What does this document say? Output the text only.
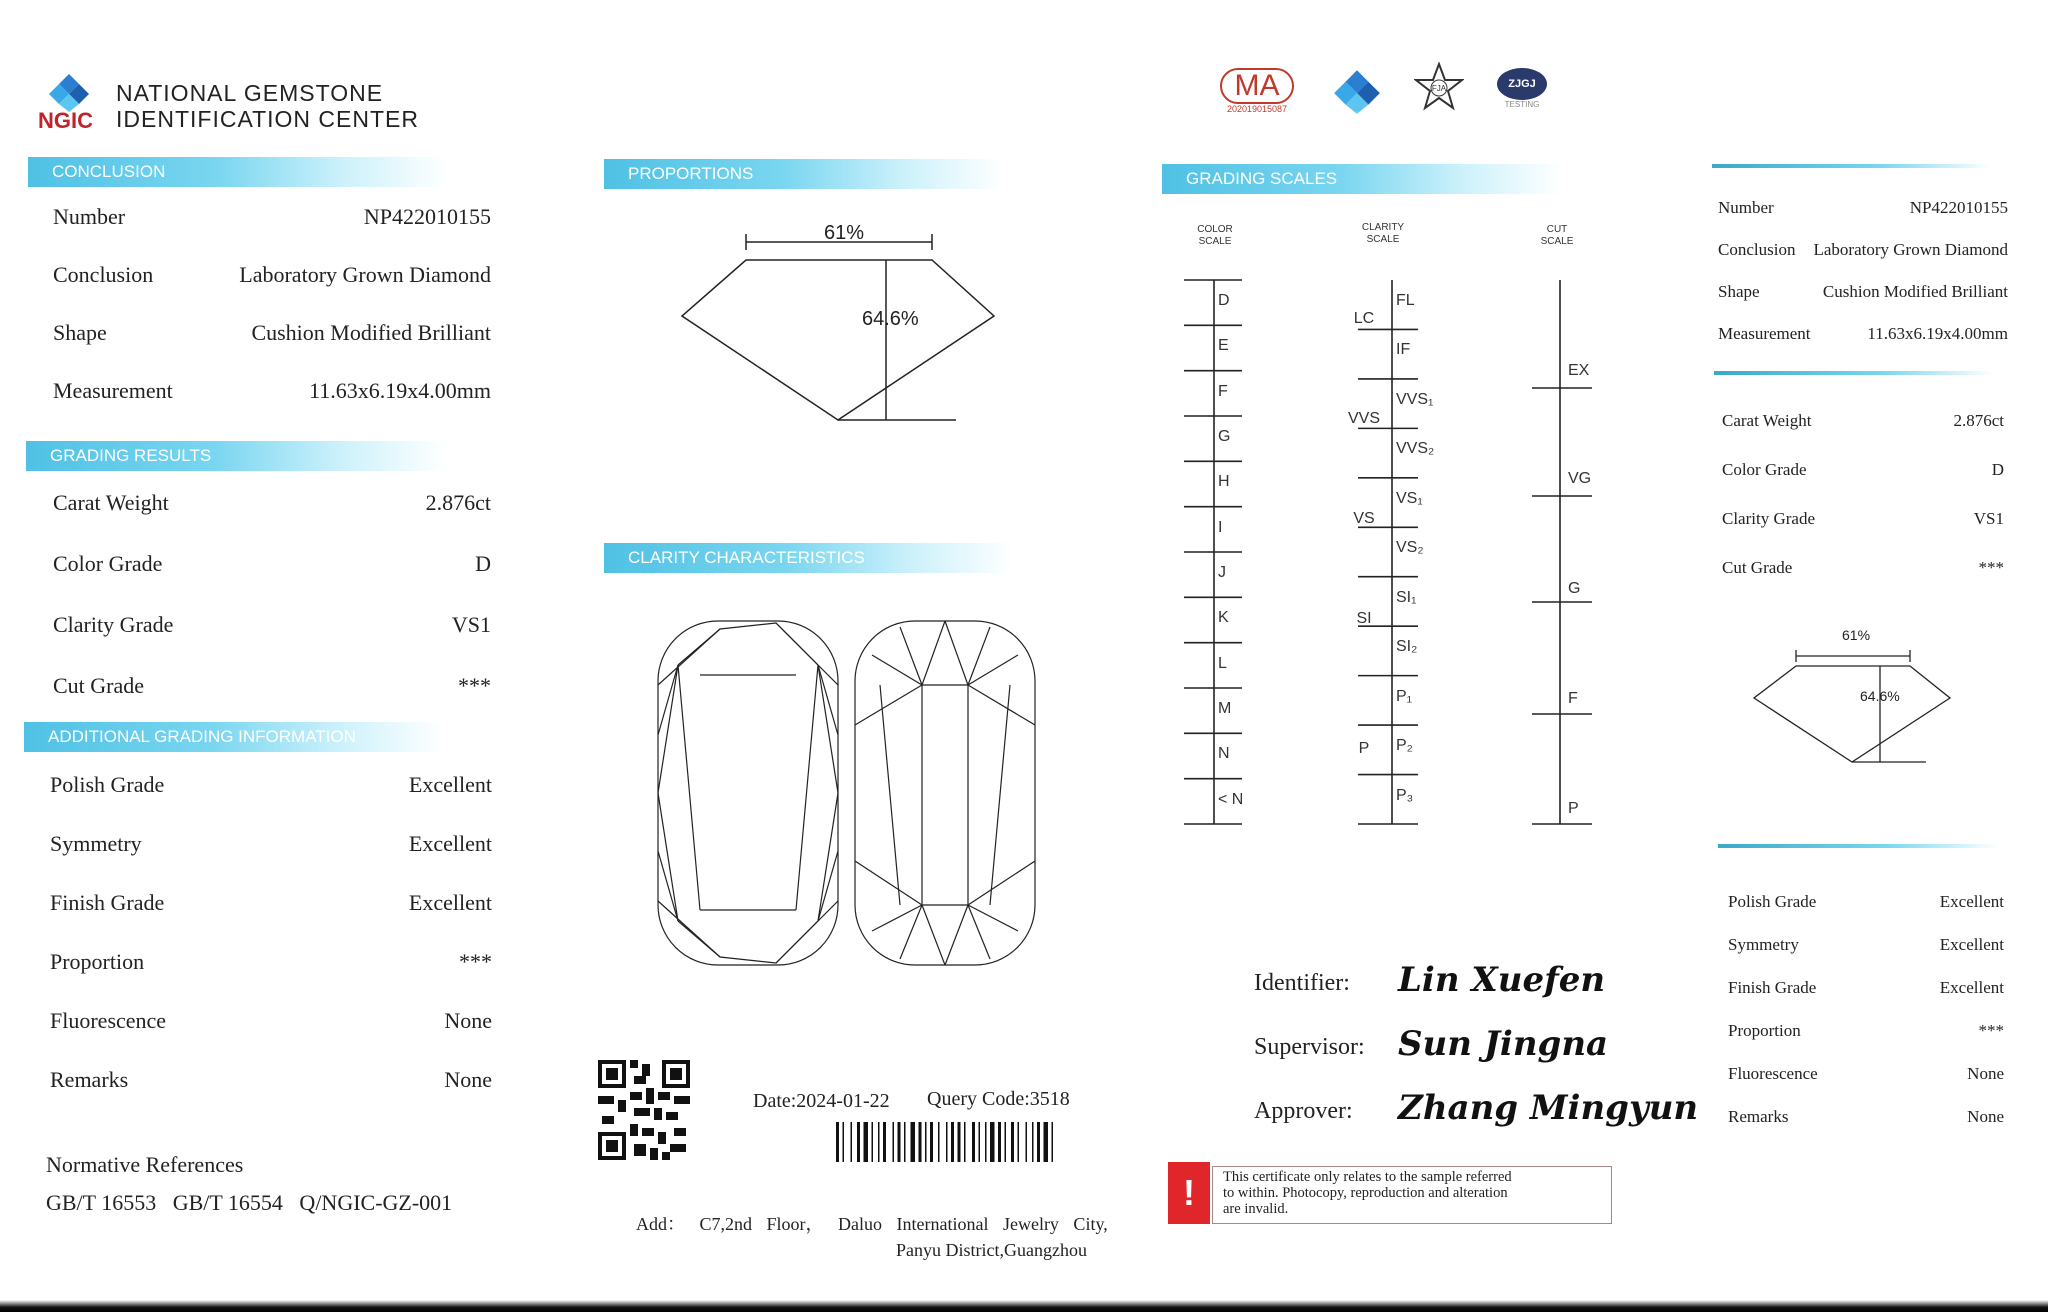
NGIC
NATIONAL GEMSTONE
IDENTIFICATION CENTER
CONCLUSION
Number	NP422010155
Conclusion	Laboratory Grown Diamond
Shape	Cushion Modified Brilliant
Measurement	11.63x6.19x4.00mm
GRADING RESULTS
Carat Weight	2.876ct
Color Grade	D
Clarity Grade	VS1
Cut Grade	***
ADDITIONAL GRADING INFORMATION
Polish Grade	Excellent
Symmetry	Excellent
Finish Grade	Excellent
Proportion	***
Fluorescence	None
Remarks	None
Normative References
GB/T 16553   GB/T 16554   Q/NGIC-GZ-001
PROPORTIONS
61%
64.6%
CLARITY CHARACTERISTICS
Date:2024-01-22 Query Code:3518
Add： C7,2nd Floor， Daluo International Jewelry City,
Panyu District,Guangzhou
MA
202019015087
FJA	ZJGJ
TESTING
GRADING SCALES
COLOR
SCALE
CLARITY
SCALE
CUT
SCALE
D
E
F
G
H
I
J
K
L
M
N
< N
FL
IF
VVS₁
VVS₂
VS₁
VS₂
SI₁
SI₂
P₁
P₂
P₃
LC
VVS
VS
SI
P
EX
VG
G
F
P
Identifier: Lin Xuefen
Supervisor: Sun Jingna
Approver: Zhang Mingyun
!	This certificate only relates to the sample referred
to within. Photocopy, reproduction and alteration
are invalid.
Number	NP422010155
Conclusion Laboratory Grown Diamond
Shape	Cushion Modified Brilliant
Measurement	11.63x6.19x4.00mm
Carat Weight	2.876ct
Color Grade	D
Clarity Grade	VS1
Cut Grade	***
61%
64.6%
Polish Grade	Excellent
Symmetry	Excellent
Finish Grade	Excellent
Proportion	***
Fluorescence	None
Remarks	None
